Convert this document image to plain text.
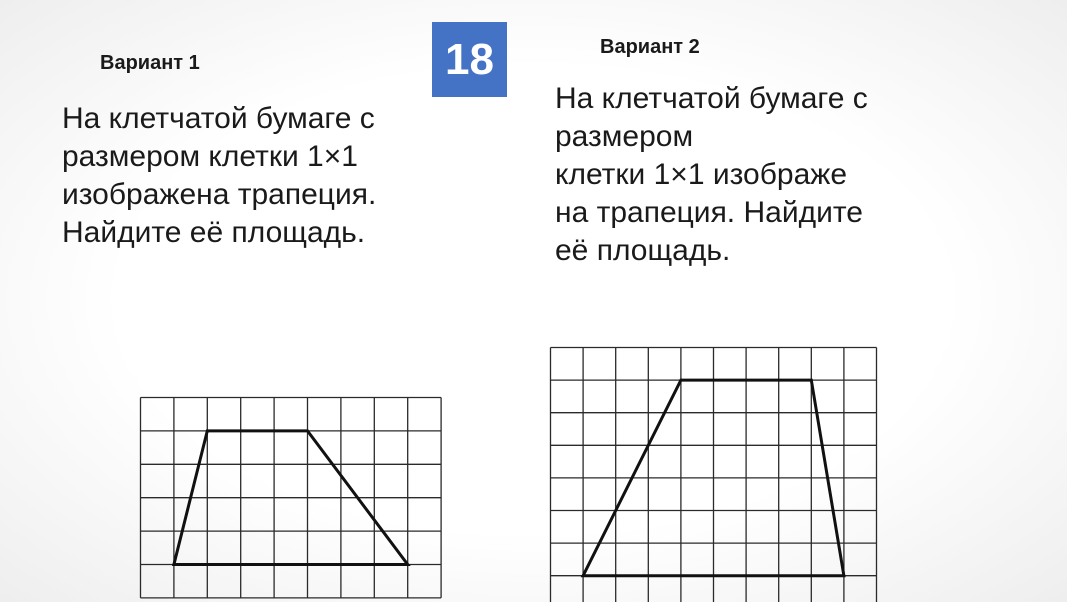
Вариант 1	18	Вариант 2
На клетчатой бумаге с
размером клетки 1×1
изображена трапеция.
Найдите её площадь.
На клетчатой бумаге с
размером
клетки 1×1 изображе
на трапеция. Найдите
её площадь.
